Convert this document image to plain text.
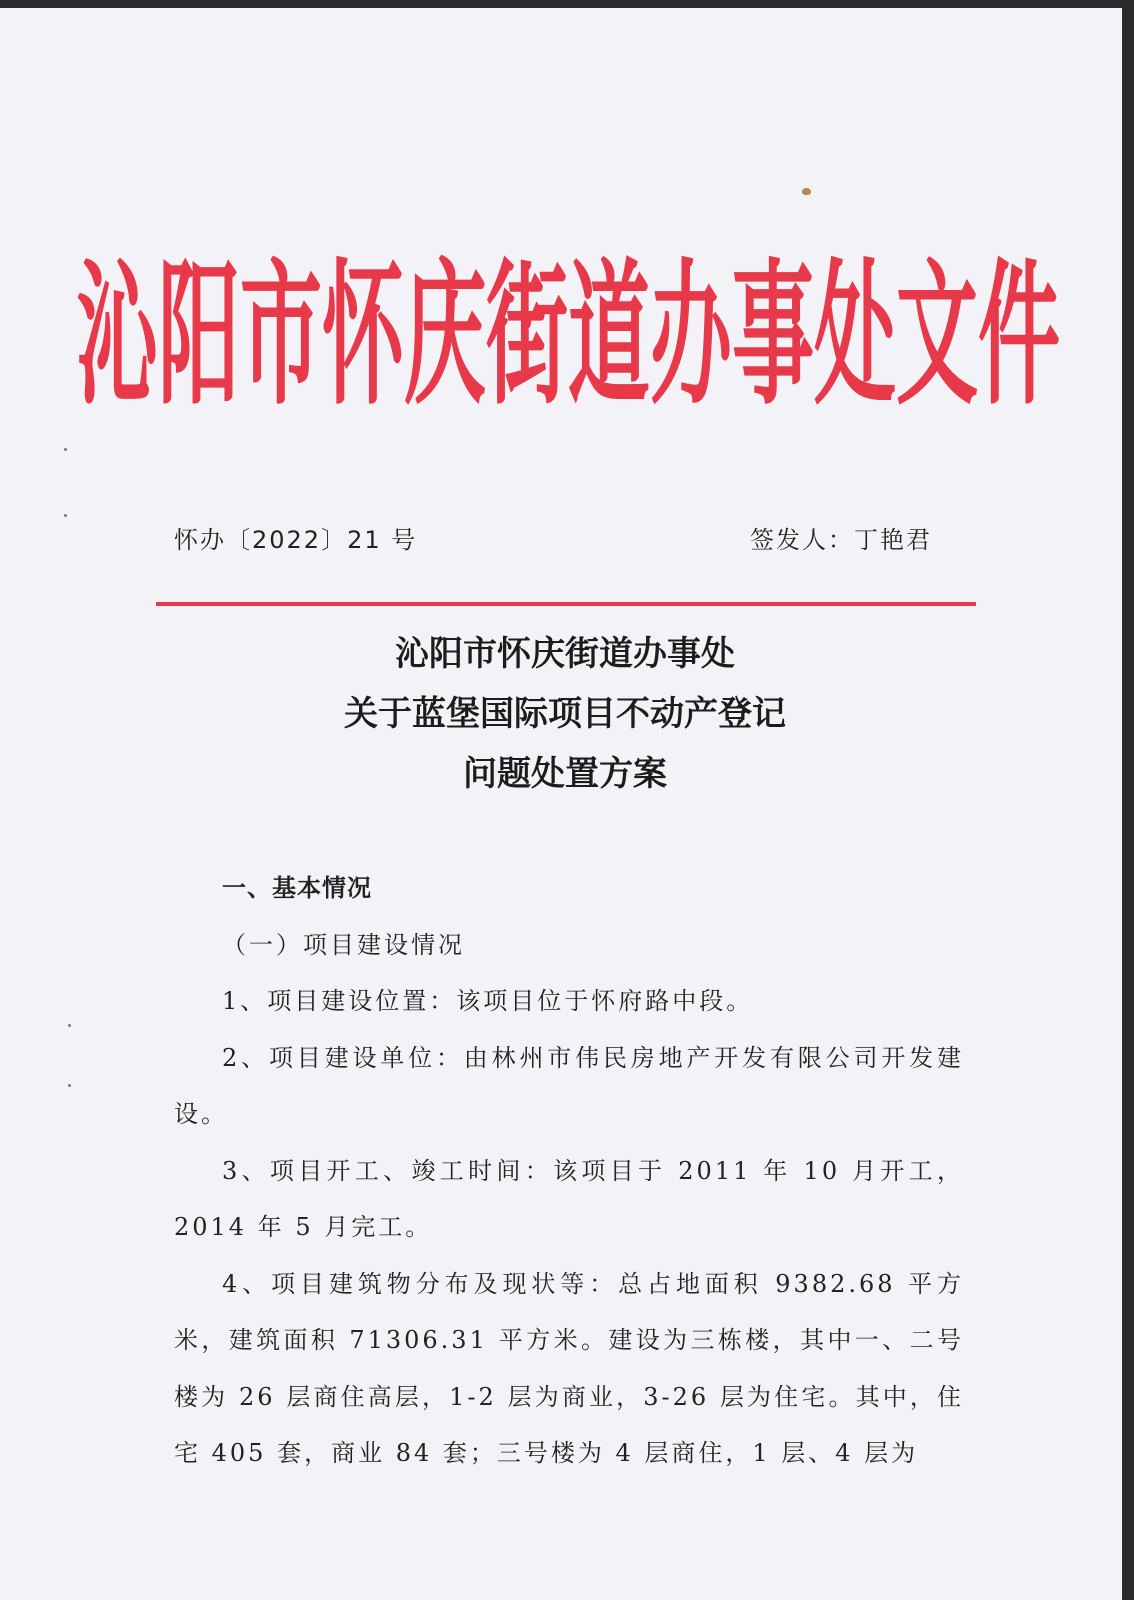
沁阳市怀庆街道办事处文件
怀办〔2022〕21 号	签发人：丁艳君
沁阳市怀庆街道办事处
关于蓝堡国际项目不动产登记
问题处置方案

一、基本情况

（一）项目建设情况

1、项目建设位置：该项目位于怀府路中段。

2、项目建设单位：由林州市伟民房地产开发有限公司开发建设。

3、项目开工、竣工时间：该项目于 2011 年 10 月开工，2014 年 5 月完工。

4、项目建筑物分布及现状等：总占地面积 9382.68 平方米，建筑面积 71306.31 平方米。建设为三栋楼，其中一、二号楼为 26 层商住高层，1-2 层为商业，3-26 层为住宅。其中，住宅 405 套，商业 84 套；三号楼为 4 层商住，1 层、4 层为
